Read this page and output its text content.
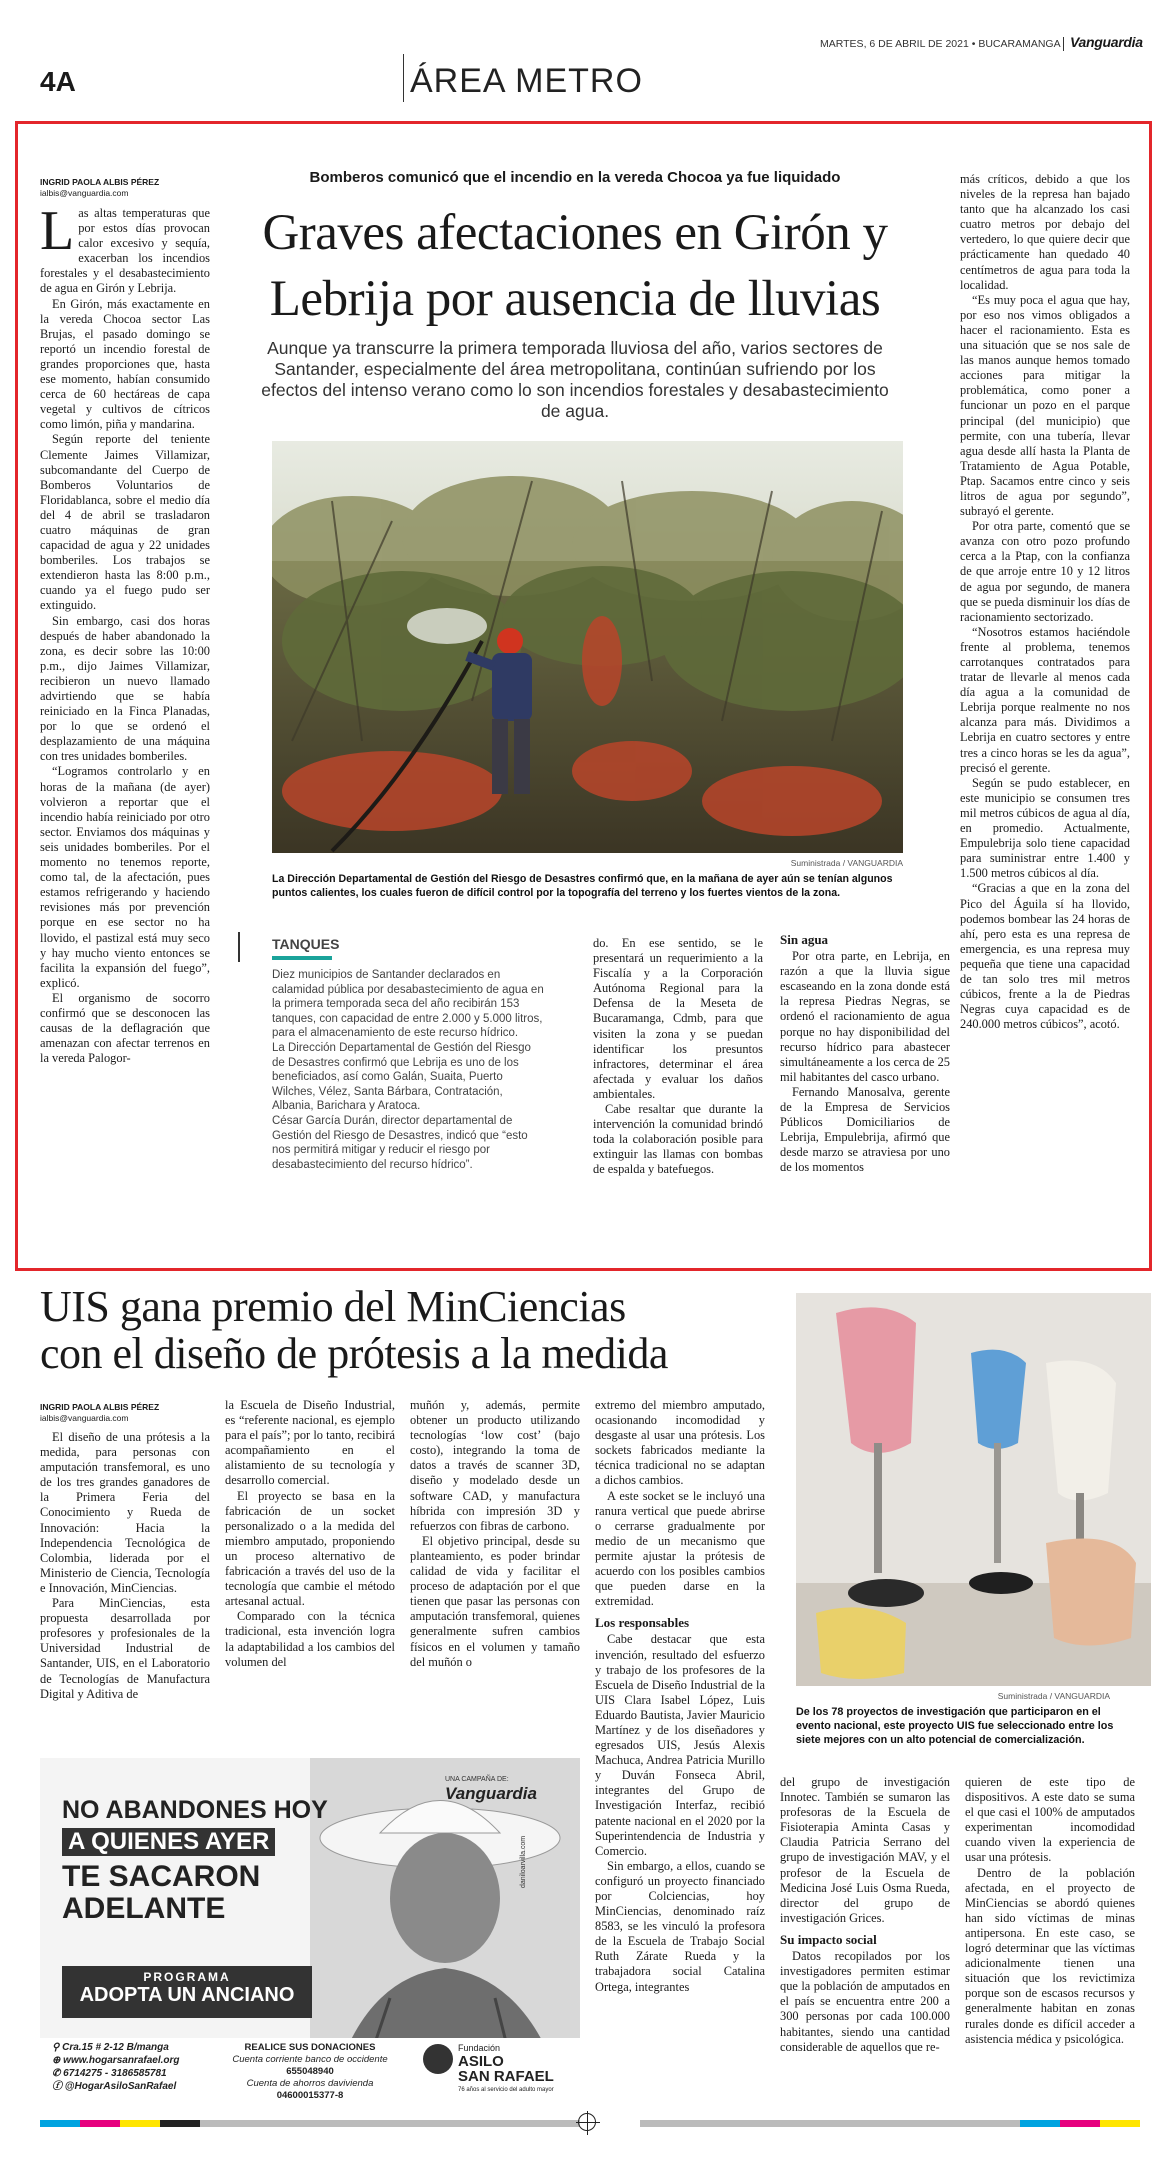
4A	ÁREA METRO
MARTES, 6 DE ABRIL DE 2021 • BUCARAMANGA Vanguardia
INGRID PAOLA ALBIS PÉREZ
ialbis@vanguardia.com

Las altas temperaturas que por estos días provocan calor excesivo y sequía, exacerban los incendios forestales y el desabastecimiento de agua en Girón y Lebrija.

En Girón, más exactamente en la vereda Chocoa sector Las Brujas, el pasado domingo se reportó un incendio forestal de grandes proporciones que, hasta ese momento, habían consumido cerca de 60 hectáreas de capa vegetal y cultivos de cítricos como limón, piña y mandarina.

Según reporte del teniente Clemente Jaimes Villamizar, subcomandante del Cuerpo de Bomberos Voluntarios de Floridablanca, sobre el medio día del 4 de abril se trasladaron cuatro máquinas de gran capacidad de agua y 22 unidades bomberiles. Los trabajos se extendieron hasta las 8:00 p.m., cuando ya el fuego pudo ser extinguido.

Sin embargo, casi dos horas después de haber abandonado la zona, es decir sobre las 10:00 p.m., dijo Jaimes Villamizar, recibieron un nuevo llamado advirtiendo que se había reiniciado en la Finca Planadas, por lo que se ordenó el desplazamiento de una máquina con tres unidades bomberiles.

“Logramos controlarlo y en horas de la mañana (de ayer) volvieron a reportar que el incendio había reiniciado por otro sector. Enviamos dos máquinas y seis unidades bomberiles. Por el momento no tenemos reporte, como tal, de la afectación, pues estamos refrigerando y haciendo revisiones más por prevención porque en ese sector no ha llovido, el pastizal está muy seco y hay mucho viento entonces se facilita la expansión del fuego”, explicó.

El organismo de socorro confirmó que se desconocen las causas de la deflagración que amenazan con afectar terrenos en la vereda Palogor-

Bomberos comunicó que el incendio en la vereda Chocoa ya fue liquidado
Graves afectaciones en Girón y
Lebrija por ausencia de lluvias
Aunque ya transcurre la primera temporada lluviosa del año, varios sectores de Santander, especialmente del área metropolitana, continúan sufriendo por los efectos del intenso verano como lo son incendios forestales y desabastecimiento de agua.
Suministrada / VANGUARDIA
La Dirección Departamental de Gestión del Riesgo de Desastres confirmó que, en la mañana de ayer aún se tenían algunos puntos calientes, los cuales fueron de difícil control por la topografía del terreno y los fuertes vientos de la zona.
TANQUES

Diez municipios de Santander declarados en calamidad pública por desabastecimiento de agua en la primera temporada seca del año recibirán 153 tanques, con capacidad de entre 2.000 y 5.000 litros, para el almacenamiento de este recurso hídrico.

La Dirección Departamental de Gestión del Riesgo de Desastres confirmó que Lebrija es uno de los beneficiados, así como Galán, Suaita, Puerto Wilches, Vélez, Santa Bárbara, Contratación, Albania, Barichara y Aratoca.

César García Durán, director departamental de Gestión del Riesgo de Desastres, indicó que “esto nos permitirá mitigar y reducir el riesgo por desabastecimiento del recurso hídrico”.

do. En ese sentido, se le presentará un requerimiento a la Fiscalía y a la Corporación Autónoma Regional para la Defensa de la Meseta de Bucaramanga, Cdmb, para que visiten la zona y se puedan identificar los presuntos infractores, determinar el área afectada y evaluar los daños ambientales.

Cabe resaltar que durante la intervención la comunidad brindó toda la colaboración posible para extinguir las llamas con bombas de espalda y batefuegos.

Sin agua

Por otra parte, en Lebrija, en razón a que la lluvia sigue escaseando en la zona donde está la represa Piedras Negras, se ordenó el racionamiento de agua porque no hay disponibilidad del recurso hídrico para abastecer simultáneamente a los cerca de 25 mil habitantes del casco urbano.

Fernando Manosalva, gerente de la Empresa de Servicios Públicos Domiciliarios de Lebrija, Empulebrija, afirmó que desde marzo se atraviesa por uno de los momentos

más críticos, debido a que los niveles de la represa han bajado tanto que ha alcanzado los casi cuatro metros por debajo del vertedero, lo que quiere decir que prácticamente han quedado 40 centímetros de agua para toda la localidad.

“Es muy poca el agua que hay, por eso nos vimos obligados a hacer el racionamiento. Esta es una situación que se nos sale de las manos aunque hemos tomado acciones para mitigar la problemática, como poner a funcionar un pozo en el parque principal (del municipio) que permite, con una tubería, llevar agua desde allí hasta la Planta de Tratamiento de Agua Potable, Ptap. Sacamos entre cinco y seis litros de agua por segundo”, subrayó el gerente.

Por otra parte, comentó que se avanza con otro pozo profundo cerca a la Ptap, con la confianza de que arroje entre 10 y 12 litros de agua por segundo, de manera que se pueda disminuir los días de racionamiento sectorizado.

“Nosotros estamos haciéndole frente al problema, tenemos carrotanques contratados para tratar de llevarle al menos cada día agua a la comunidad de Lebrija porque realmente no nos alcanza para más. Dividimos a Lebrija en cuatro sectores y entre tres a cinco horas se les da agua”, precisó el gerente.

Según se pudo establecer, en este municipio se consumen tres mil metros cúbicos de agua al día, en promedio. Actualmente, Empulebrija solo tiene capacidad para suministrar entre 1.400 y 1.500 metros cúbicos al día.

“Gracias a que en la zona del Pico del Águila sí ha llovido, podemos bombear las 24 horas de ahí, pero esta es una represa de emergencia, es una represa muy pequeña que tiene una capacidad de tan solo tres mil metros cúbicos, frente a la de Piedras Negras cuya capacidad es de 240.000 metros cúbicos”, acotó.

UIS gana premio del MinCiencias
con el diseño de prótesis a la medida
INGRID PAOLA ALBIS PÉREZ
ialbis@vanguardia.com

El diseño de una prótesis a la medida, para personas con amputación transfemoral, es uno de los tres grandes ganadores de la Primera Feria del Conocimiento y Rueda de Innovación: Hacia la Independencia Tecnológica de Colombia, liderada por el Ministerio de Ciencia, Tecnología e Innovación, MinCiencias.

Para MinCiencias, esta propuesta desarrollada por profesores y profesionales de la Universidad Industrial de Santander, UIS, en el Laboratorio de Tecnologías de Manufactura Digital y Aditiva de

la Escuela de Diseño Industrial, es “referente nacional, es ejemplo para el país”; por lo tanto, recibirá acompañamiento en el alistamiento de su tecnología y desarrollo comercial.

El proyecto se basa en la fabricación de un socket personalizado o a la medida del miembro amputado, proponiendo un proceso alternativo de fabricación a través del uso de la tecnología que cambie el método artesanal actual.

Comparado con la técnica tradicional, esta invención logra la adaptabilidad a los cambios del volumen del

muñón y, además, permite obtener un producto utilizando tecnologías ‘low cost’ (bajo costo), integrando la toma de datos a través de scanner 3D, diseño y modelado desde un software CAD, y manufactura híbrida con impresión 3D y refuerzos con fibras de carbono.

El objetivo principal, desde su planteamiento, es poder brindar calidad de vida y facilitar el proceso de adaptación por el que tienen que pasar las personas con amputación transfemoral, quienes generalmente sufren cambios físicos en el volumen y tamaño del muñón o

extremo del miembro amputado, ocasionando incomodidad y desgaste al usar una prótesis. Los sockets fabricados mediante la técnica tradicional no se adaptan a dichos cambios.

A este socket se le incluyó una ranura vertical que puede abrirse o cerrarse gradualmente por medio de un mecanismo que permite ajustar la prótesis de acuerdo con los posibles cambios que pueden darse en la extremidad.

Los responsables

Cabe destacar que esta invención, resultado del esfuerzo y trabajo de los profesores de la Escuela de Diseño Industrial de la UIS Clara Isabel López, Luis Eduardo Bautista, Javier Mauricio Martínez y de los diseñadores y egresados UIS, Jesús Alexis Machuca, Andrea Patricia Murillo y Duván Fonseca Abril, integrantes del Grupo de Investigación Interfaz, recibió patente nacional en el 2020 por la Superintendencia de Industria y Comercio.

Sin embargo, a ellos, cuando se configuró un proyecto financiado por Colciencias, hoy MinCiencias, denominado raíz 8583, se les vinculó la profesora de la Escuela de Trabajo Social Ruth Zárate Rueda y la trabajadora social Catalina Ortega, integrantes

del grupo de investigación Innotec. También se sumaron las profesoras de la Escuela de Fisioterapia Aminta Casas y Claudia Patricia Serrano del grupo de investigación MAV, y el profesor de la Escuela de Medicina José Luis Osma Rueda, director del grupo de investigación Grices.

Su impacto social

Datos recopilados por los investigadores permiten estimar que la población de amputados en el país se encuentra entre 200 a 300 personas por cada 100.000 habitantes, siendo una cantidad considerable de aquellos que re-

quieren de este tipo de dispositivos. A este dato se suma el que casi el 100% de amputados experimentan incomodidad cuando viven la experiencia de usar una prótesis.

Dentro de la población afectada, en el proyecto de MinCiencias se abordó quienes han sido víctimas de minas antipersona. En este caso, se logró determinar que las víctimas adicionalmente tienen una situación que los revictimiza porque son de escasos recursos y generalmente habitan en zonas rurales donde es difícil acceder a asistencia médica y psicológica.

Suministrada / VANGUARDIA
De los 78 proyectos de investigación que participaron en el evento nacional, este proyecto UIS fue seleccionado entre los siete mejores con un alto potencial de comercialización.
UNA CAMPAÑA DE:
Vanguardia
NO ABANDONES HOY
A QUIENES AYER
TE SACARON
ADELANTE
PROGRAMA
ADOPTA UN ANCIANO
daniloarvilla.com
⚲ Cra.15 # 2-12 B/manga
⊕ www.hogarsanrafael.org
✆ 6714275 - 3186585781
ⓕ @HogarAsiloSanRafael
REALICE SUS DONACIONES
Cuenta corriente banco de occidente
655048940
Cuenta de ahorros davivienda
04600015377-8
Fundación
ASILO
SAN RAFAEL
76 años al servicio del adulto mayor
